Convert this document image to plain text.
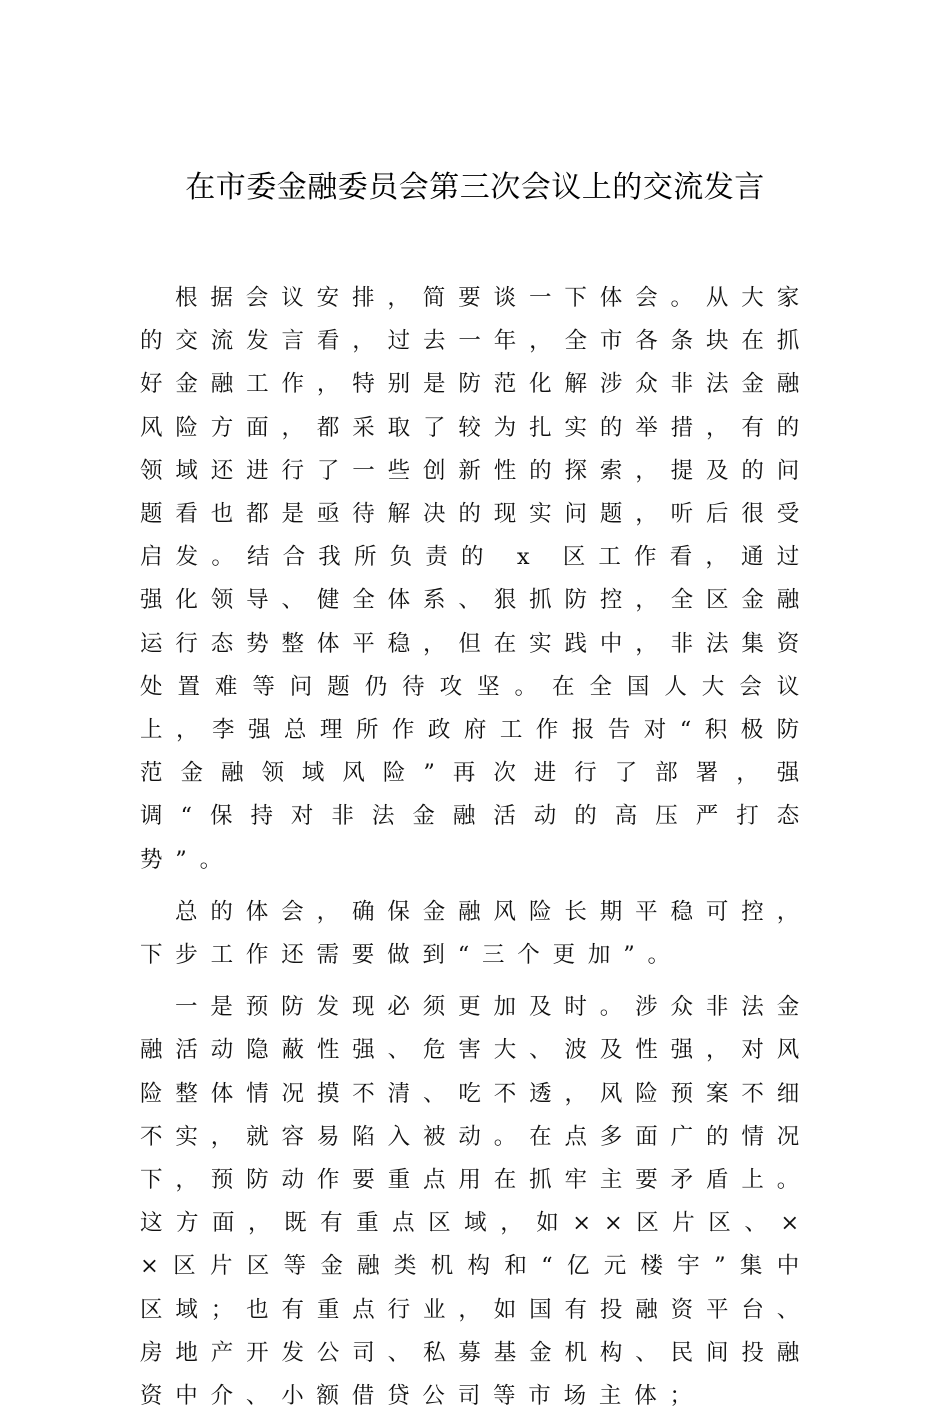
在市委金融委员会第三次会议上的交流发言

根据会议安排，简要谈一下体会。从大家的交流发言看，过去一年，全市各条块在抓好金融工作，特别是防范化解涉众非法金融风险方面，都采取了较为扎实的举措，有的领域还进行了一些创新性的探索，提及的问题看也都是亟待解决的现实问题，听后很受启发。结合我所负责的 x 区工作看，通过强化领导、健全体系、狠抓防控，全区金融运行态势整体平稳，但在实践中，非法集资处置难等问题仍待攻坚。在全国人大会议上，李强总理所作政府工作报告对“积极防范金融领域风险”再次进行了部署，强调“保持对非法金融活动的高压严打态势”。

总的体会，确保金融风险长期平稳可控，下步工作还需要做到“三个更加”。

一是预防发现必须更加及时。涉众非法金融活动隐蔽性强、危害大、波及性强，对风险整体情况摸不清、吃不透，风险预案不细不实，就容易陷入被动。在点多面广的情况下，预防动作要重点用在抓牢主要矛盾上。这方面，既有重点区域，如××区片区、××区片区等金融类机构和“亿元楼宇”集中区域；也有重点行业，如国有投融资平台、房地产开发公司、私募基金机构、民间投融资中介、小额借贷公司等市场主体；
